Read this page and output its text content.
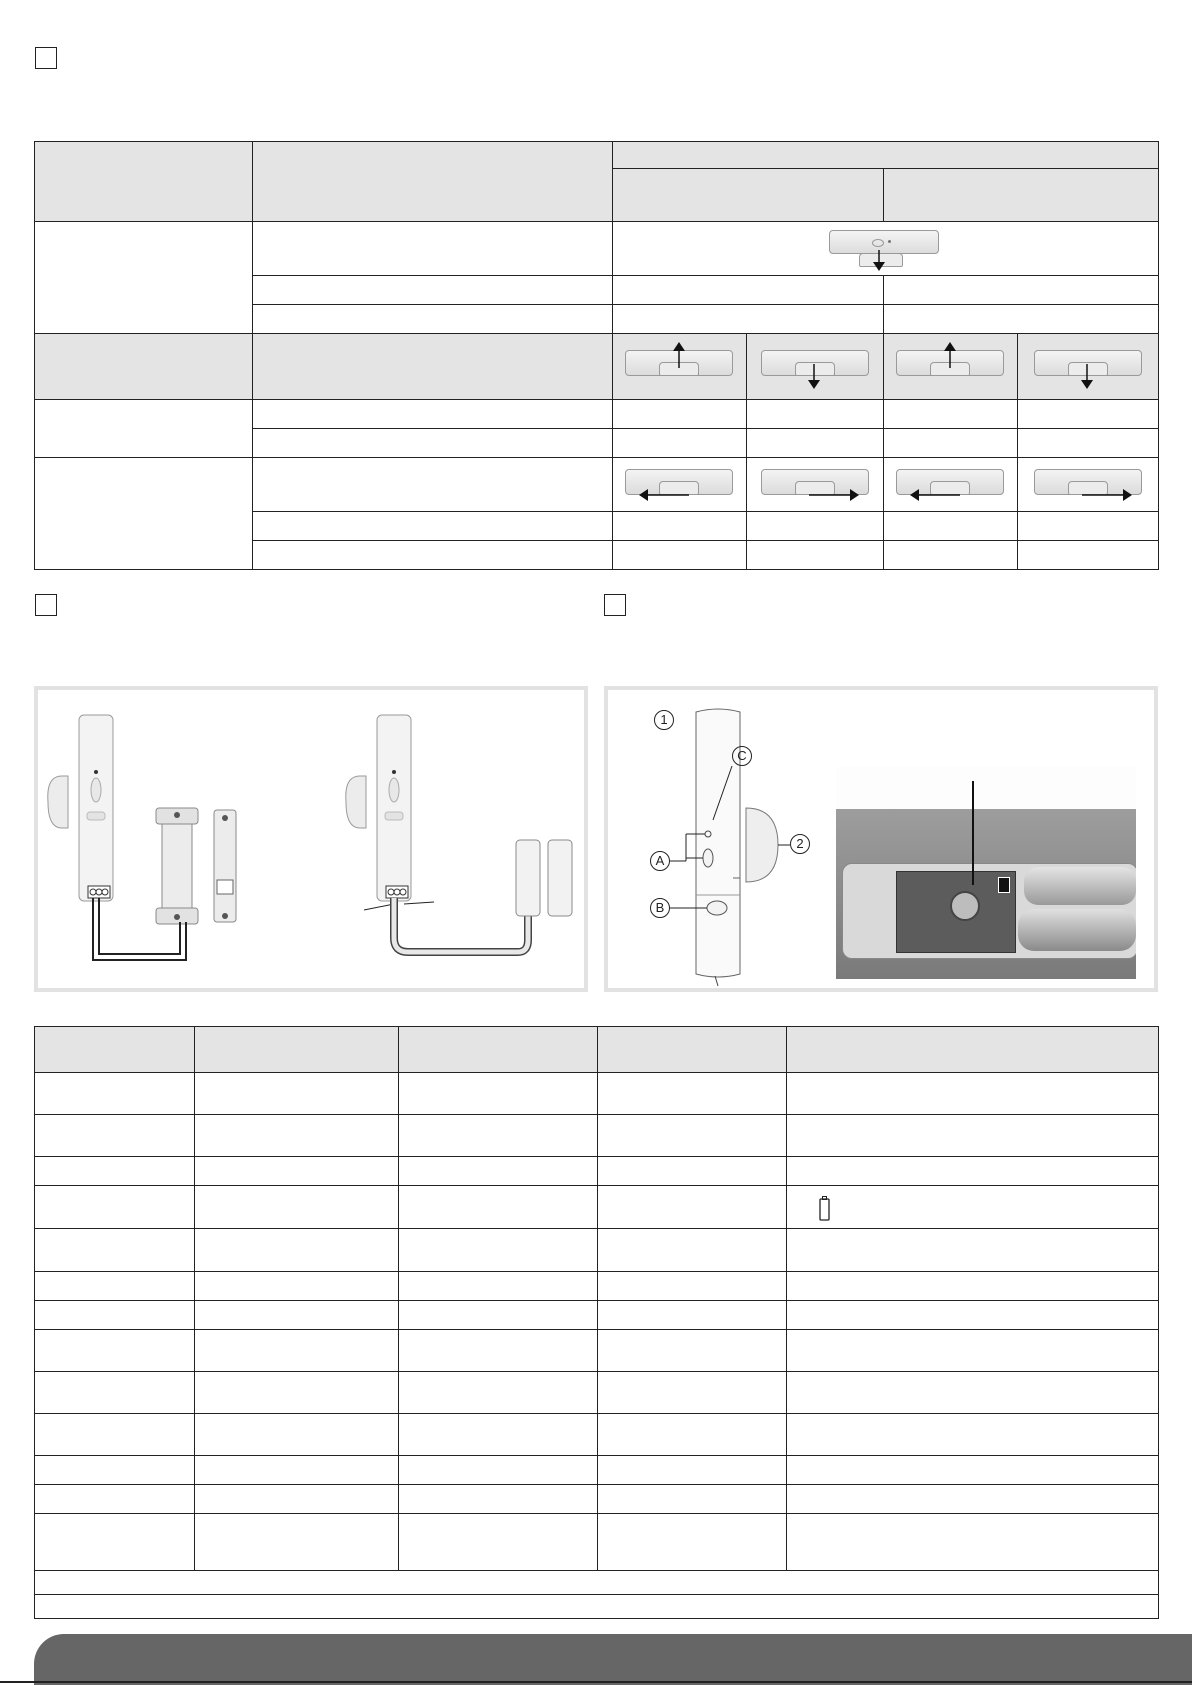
1
C
2
A
B
